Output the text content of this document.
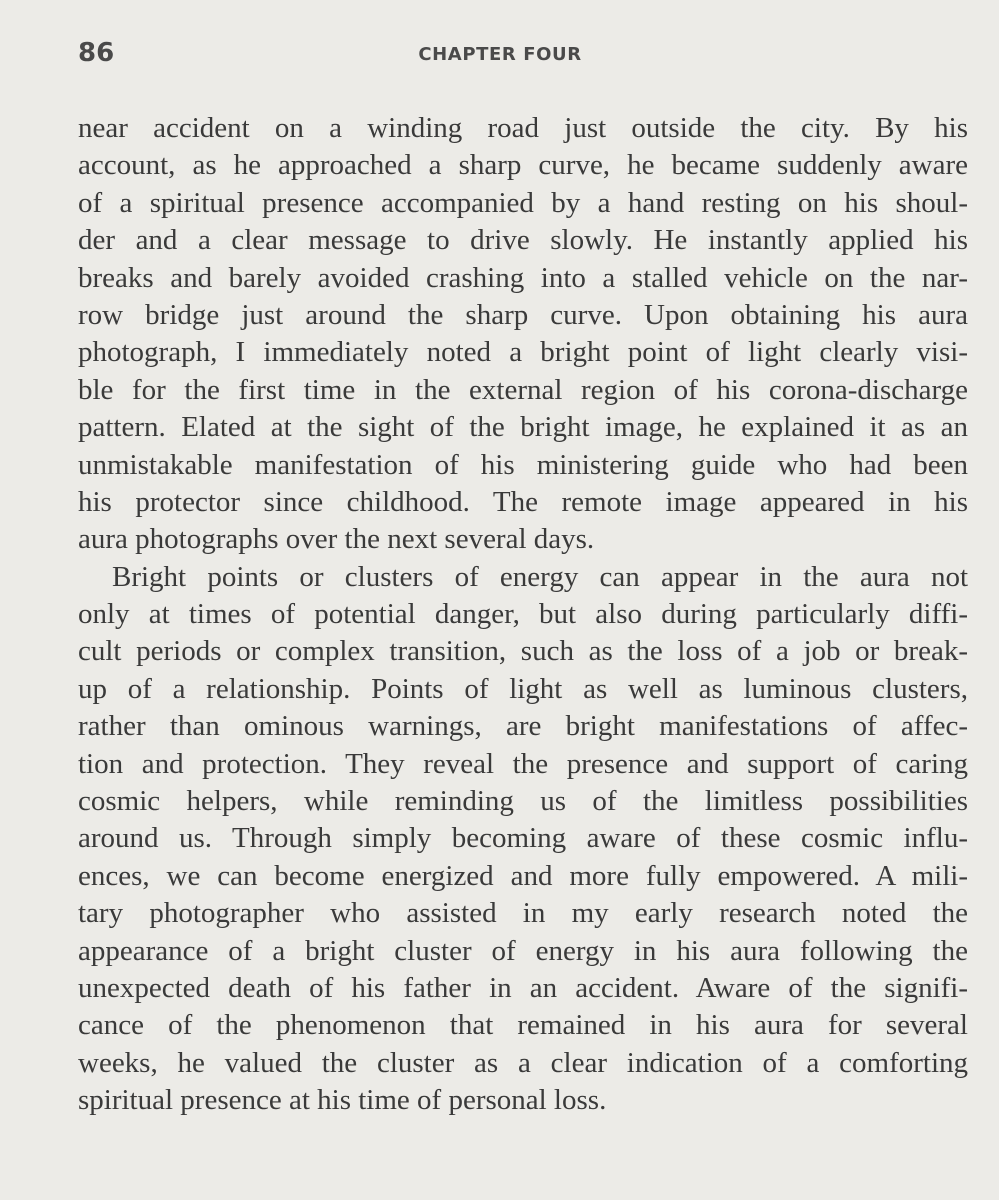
86	CHAPTER FOUR
near accident on a winding road just outside the city. By his
account, as he approached a sharp curve, he became suddenly aware
of a spiritual presence accompanied by a hand resting on his shoul-
der and a clear message to drive slowly. He instantly applied his
breaks and barely avoided crashing into a stalled vehicle on the nar-
row bridge just around the sharp curve. Upon obtaining his aura
photograph, I immediately noted a bright point of light clearly visi-
ble for the first time in the external region of his corona-discharge
pattern. Elated at the sight of the bright image, he explained it as an
unmistakable manifestation of his ministering guide who had been
his protector since childhood. The remote image appeared in his
aura photographs over the next several days.
Bright points or clusters of energy can appear in the aura not
only at times of potential danger, but also during particularly diffi-
cult periods or complex transition, such as the loss of a job or break-
up of a relationship. Points of light as well as luminous clusters,
rather than ominous warnings, are bright manifestations of affec-
tion and protection. They reveal the presence and support of caring
cosmic helpers, while reminding us of the limitless possibilities
around us. Through simply becoming aware of these cosmic influ-
ences, we can become energized and more fully empowered. A mili-
tary photographer who assisted in my early research noted the
appearance of a bright cluster of energy in his aura following the
unexpected death of his father in an accident. Aware of the signifi-
cance of the phenomenon that remained in his aura for several
weeks, he valued the cluster as a clear indication of a comforting
spiritual presence at his time of personal loss.
